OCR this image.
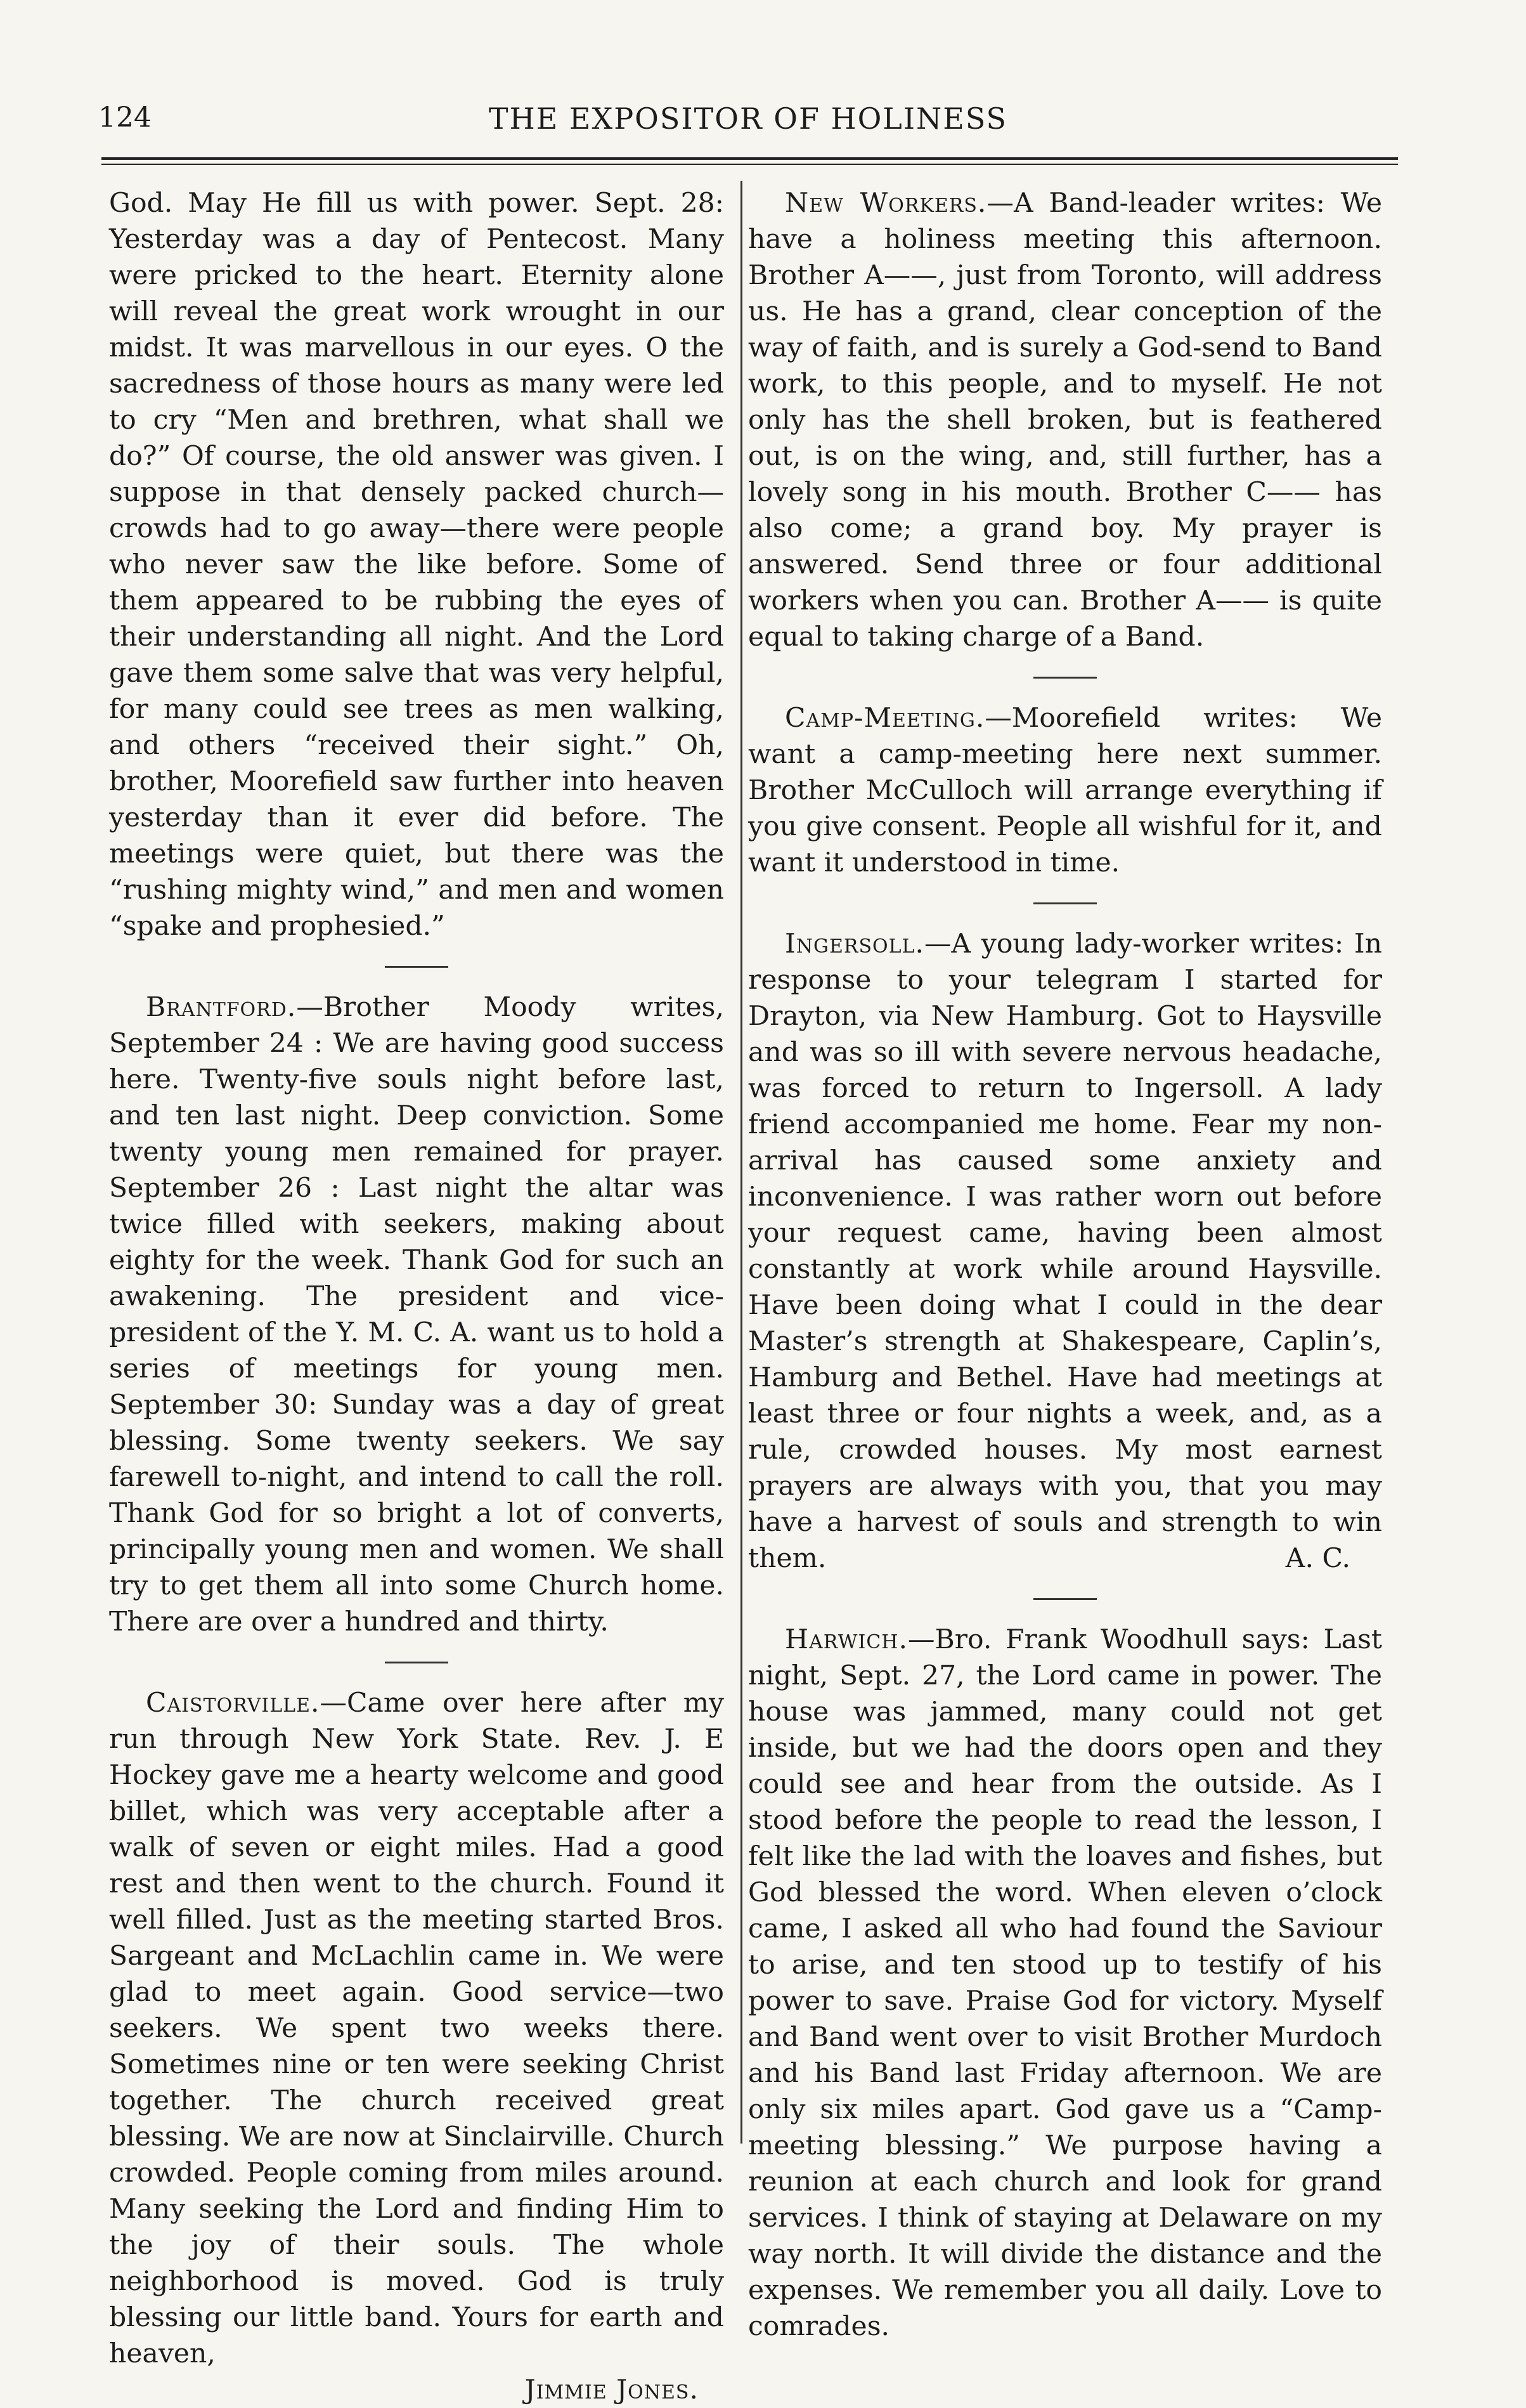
124	THE EXPOSITOR OF HOLINESS

God. May He fill us with power. Sept. 28: Yesterday was a day of Pentecost. Many were pricked to the heart. Eternity alone will reveal the great work wrought in our midst. It was marvellous in our eyes. O the sacredness of those hours as many were led to cry “Men and brethren, what shall we do?” Of course, the old answer was given. I suppose in that densely packed church—crowds had to go away—there were people who never saw the like before. Some of them appeared to be rubbing the eyes of their understanding all night. And the Lord gave them some salve that was very helpful, for many could see trees as men walking, and others “received their sight.” Oh, brother, Moorefield saw further into heaven yesterday than it ever did before. The meetings were quiet, but there was the “rushing mighty wind,” and men and women “spake and prophesied.”

Brantford.—Brother Moody writes, September 24 : We are having good success here. Twenty-five souls night before last, and ten last night. Deep conviction. Some twenty young men remained for prayer. September 26 : Last night the altar was twice filled with seekers, making about eighty for the week. Thank God for such an awakening. The president and vice-president of the Y. M. C. A. want us to hold a series of meetings for young men. September 30: Sunday was a day of great blessing. Some twenty seekers. We say farewell to-night, and intend to call the roll. Thank God for so bright a lot of converts, principally young men and women. We shall try to get them all into some Church home. There are over a hundred and thirty.

Caistorville.—Came over here after my run through New York State. Rev. J. E Hockey gave me a hearty welcome and good billet, which was very acceptable after a walk of seven or eight miles. Had a good rest and then went to the church. Found it well filled. Just as the meeting started Bros. Sargeant and McLachlin came in. We were glad to meet again. Good service—two seekers. We spent two weeks there. Sometimes nine or ten were seeking Christ together. The church received great blessing. We are now at Sinclairville. Church crowded. People coming from miles around. Many seeking the Lord and finding Him to the joy of their souls. The whole neighborhood is moved. God is truly blessing our little band. Yours for earth and heaven,

Jimmie Jones.

New Workers.—A Band-leader writes: We have a holiness meeting this afternoon. Brother A——, just from Toronto, will address us. He has a grand, clear conception of the way of faith, and is surely a God-send to Band work, to this people, and to myself. He not only has the shell broken, but is feathered out, is on the wing, and, still further, has a lovely song in his mouth. Brother C—— has also come; a grand boy. My prayer is answered. Send three or four additional workers when you can. Brother A—— is quite equal to taking charge of a Band.

Camp-Meeting.—Moorefield writes: We want a camp-meeting here next summer. Brother McCulloch will arrange everything if you give consent. People all wishful for it, and want it understood in time.

Ingersoll.—A young lady-worker writes: In response to your telegram I started for Drayton, via New Hamburg. Got to Haysville and was so ill with severe nervous headache, was forced to return to Ingersoll. A lady friend accompanied me home. Fear my non-arrival has caused some anxiety and inconvenience. I was rather worn out before your request came, having been almost constantly at work while around Haysville. Have been doing what I could in the dear Master’s strength at Shakespeare, Caplin’s, Hamburg and Bethel. Have had meetings at least three or four nights a week, and, as a rule, crowded houses. My most earnest prayers are always with you, that you may have a harvest of souls and strength to win them.	A. C.

Harwich.—Bro. Frank Woodhull says: Last night, Sept. 27, the Lord came in power. The house was jammed, many could not get inside, but we had the doors open and they could see and hear from the outside. As I stood before the people to read the lesson, I felt like the lad with the loaves and fishes, but God blessed the word. When eleven o’clock came, I asked all who had found the Saviour to arise, and ten stood up to testify of his power to save. Praise God for victory. Myself and Band went over to visit Brother Murdoch and his Band last Friday afternoon. We are only six miles apart. God gave us a “Camp-meeting blessing.” We purpose having a reunion at each church and look for grand services. I think of staying at Delaware on my way north. It will divide the distance and the expenses. We remember you all daily. Love to comrades.
